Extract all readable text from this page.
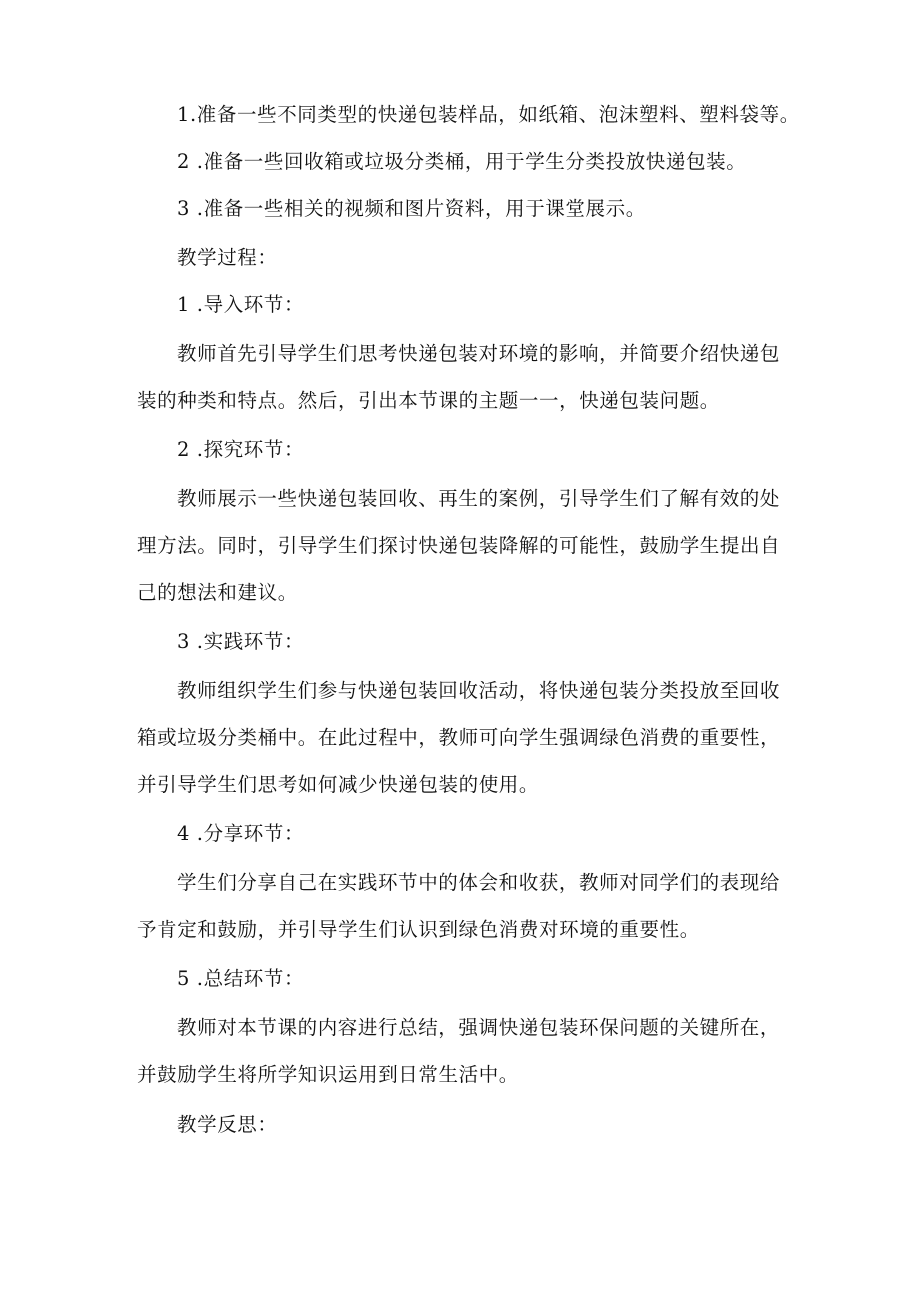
1.准备一些不同类型的快递包装样品，如纸箱、泡沫塑料、塑料袋等。
2 .准备一些回收箱或垃圾分类桶，用于学生分类投放快递包装。
3 .准备一些相关的视频和图片资料，用于课堂展示。
教学过程：
1 .导入环节：
教师首先引导学生们思考快递包装对环境的影响，并简要介绍快递包
装的种类和特点。然后，引出本节课的主题一一，快递包装问题。
2 .探究环节：
教师展示一些快递包装回收、再生的案例，引导学生们了解有效的处
理方法。同时，引导学生们探讨快递包装降解的可能性，鼓励学生提出自
己的想法和建议。
3 .实践环节：
教师组织学生们参与快递包装回收活动，将快递包装分类投放至回收
箱或垃圾分类桶中。在此过程中，教师可向学生强调绿色消费的重要性，
并引导学生们思考如何减少快递包装的使用。
4 .分享环节：
学生们分享自己在实践环节中的体会和收获，教师对同学们的表现给
予肯定和鼓励，并引导学生们认识到绿色消费对环境的重要性。
5 .总结环节：
教师对本节课的内容进行总结，强调快递包装环保问题的关键所在，
并鼓励学生将所学知识运用到日常生活中。
教学反思：
